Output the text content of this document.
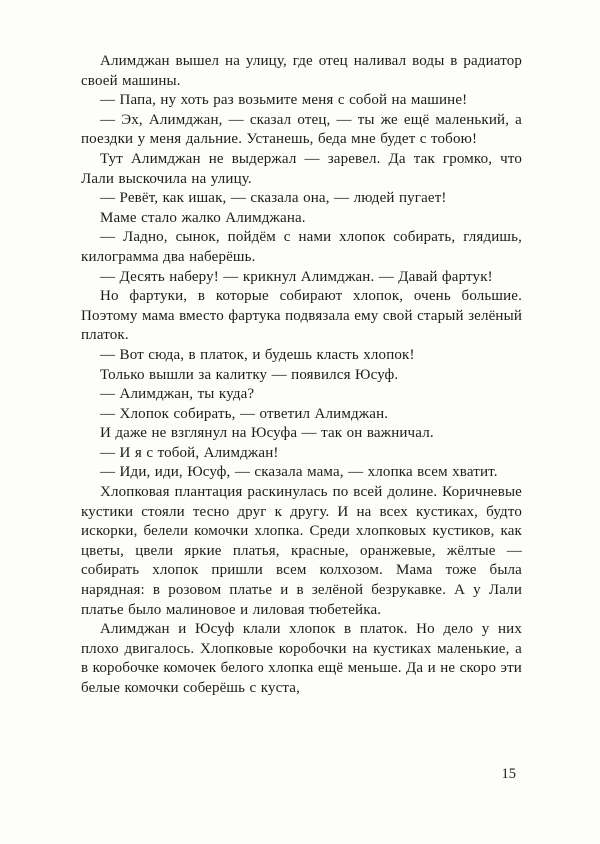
Алимджан вышел на улицу, где отец наливал воды в радиатор своей машины.

— Папа, ну хоть раз возьмите меня с собой на машине!

— Эх, Алимджан, — сказал отец, — ты же ещё маленький, а поездки у меня дальние. Устанешь, беда мне будет с тобою!

Тут Алимджан не выдержал — заревел. Да так громко, что Лали выскочила на улицу.

— Ревёт, как ишак, — сказала она, — людей пугает!

Маме стало жалко Алимджана.

— Ладно, сынок, пойдём с нами хлопок собирать, глядишь, килограмма два наберёшь.

— Десять наберу! — крикнул Алимджан. — Давай фартук!

Но фартуки, в которые собирают хлопок, очень большие. Поэтому мама вместо фартука подвязала ему свой старый зелёный платок.

— Вот сюда, в платок, и будешь класть хлопок!

Только вышли за калитку — появился Юсуф.

— Алимджан, ты куда?

— Хлопок собирать, — ответил Алимджан.

И даже не взглянул на Юсуфа — так он важничал.

— И я с тобой, Алимджан!

— Иди, иди, Юсуф, — сказала мама, — хлопка всем хватит.

Хлопковая плантация раскинулась по всей долине. Коричневые кустики стояли тесно друг к другу. И на всех кустиках, будто искорки, белели комочки хлопка. Среди хлопковых кустиков, как цветы, цвели яркие платья, красные, оранжевые, жёлтые — собирать хлопок пришли всем колхозом. Мама тоже была нарядная: в розовом платье и в зелёной безрукавке. А у Лали платье было малиновое и лиловая тюбетейка.

Алимджан и Юсуф клали хлопок в платок. Но дело у них плохо двигалось. Хлопковые коробочки на кустиках маленькие, а в коробочке комочек белого хлопка ещё меньше. Да и не скоро эти белые комочки соберёшь с куста,

15
